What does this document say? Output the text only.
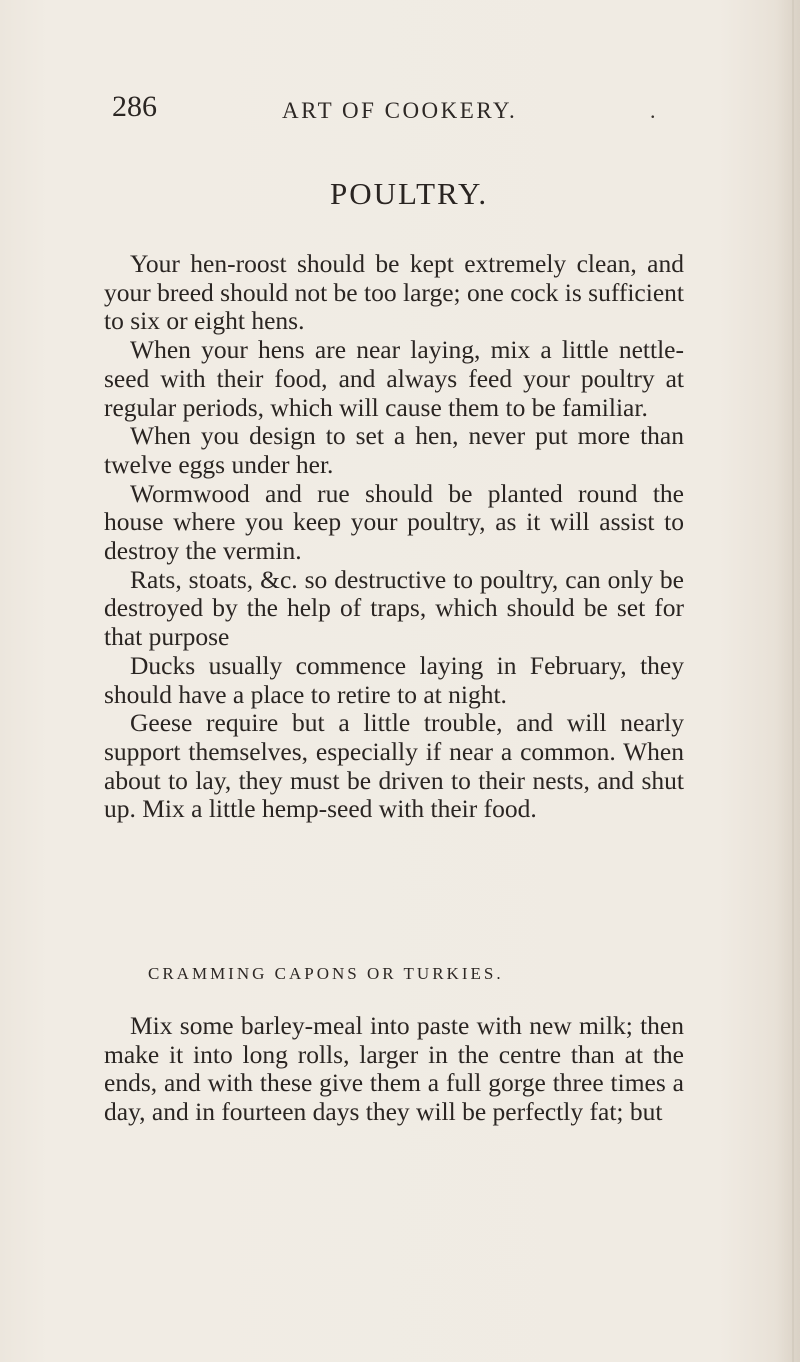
286	ART OF COOKERY.	.
POULTRY.

Your hen-roost should be kept extremely clean, and your breed should not be too large; one cock is sufficient to six or eight hens.

When your hens are near laying, mix a little nettle-seed with their food, and always feed your poultry at regular periods, which will cause them to be familiar.

When you design to set a hen, never put more than twelve eggs under her.

Wormwood and rue should be planted round the house where you keep your poultry, as it will assist to destroy the vermin.

Rats, stoats, &c. so destructive to poultry, can only be destroyed by the help of traps, which should be set for that purpose

Ducks usually commence laying in February, they should have a place to retire to at night.

Geese require but a little trouble, and will nearly support themselves, especially if near a common. When about to lay, they must be driven to their nests, and shut up. Mix a little hemp-seed with their food.

CRAMMING CAPONS OR TURKIES.

Mix some barley-meal into paste with new milk; then make it into long rolls, larger in the centre than at the ends, and with these give them a full gorge three times a day, and in fourteen days they will be perfectly fat; but
